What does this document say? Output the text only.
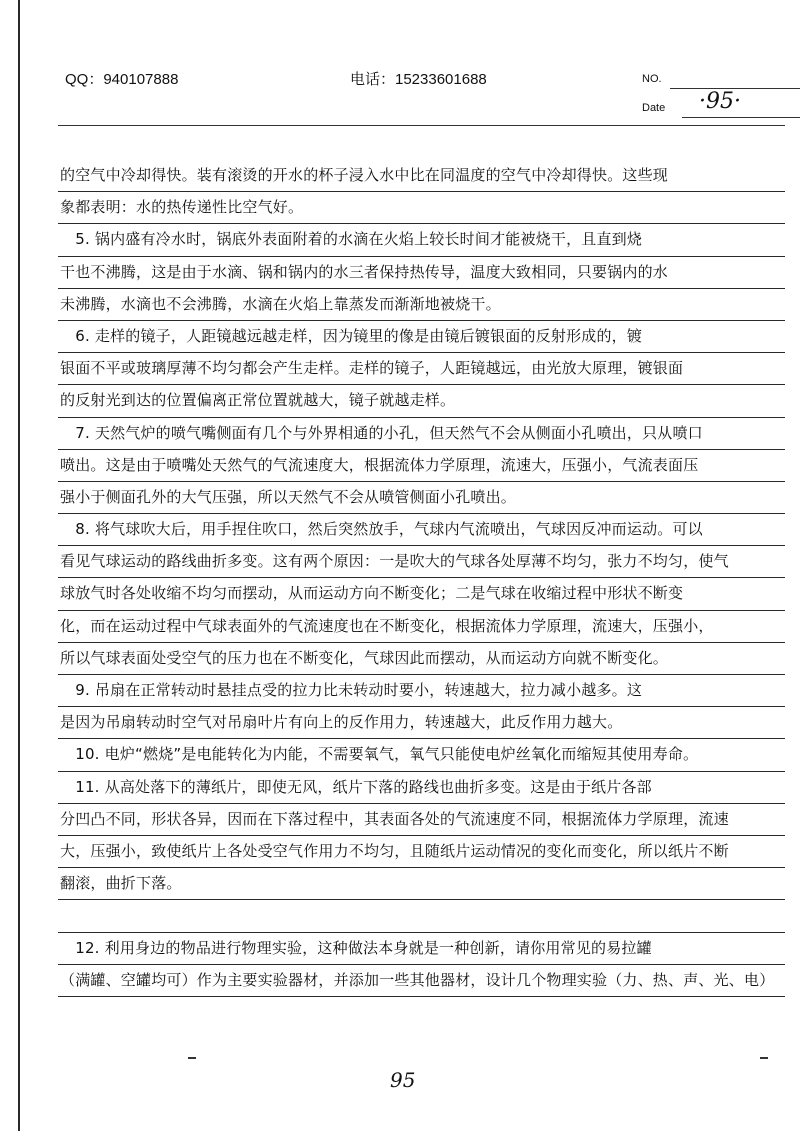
QQ：940107888	电话：15233601688	NO.
Date ·95·
的空气中冷却得快。装有滚烫的开水的杯子浸入水中比在同温度的空气中冷却得快。这些现
象都表明：水的热传递性比空气好。
　5. 锅内盛有冷水时，锅底外表面附着的水滴在火焰上较长时间才能被烧干，且直到烧
干也不沸腾，这是由于水滴、锅和锅内的水三者保持热传导，温度大致相同，只要锅内的水
未沸腾，水滴也不会沸腾，水滴在火焰上靠蒸发而渐渐地被烧干。
　6. 走样的镜子，人距镜越远越走样，因为镜里的像是由镜后镀银面的反射形成的，镀
银面不平或玻璃厚薄不均匀都会产生走样。走样的镜子，人距镜越远，由光放大原理，镀银面
的反射光到达的位置偏离正常位置就越大，镜子就越走样。
　7. 天然气炉的喷气嘴侧面有几个与外界相通的小孔，但天然气不会从侧面小孔喷出，只从喷口
喷出。这是由于喷嘴处天然气的气流速度大，根据流体力学原理，流速大，压强小，气流表面压
强小于侧面孔外的大气压强，所以天然气不会从喷管侧面小孔喷出。
　8. 将气球吹大后，用手捏住吹口，然后突然放手，气球内气流喷出，气球因反冲而运动。可以
看见气球运动的路线曲折多变。这有两个原因：一是吹大的气球各处厚薄不均匀，张力不均匀，使气
球放气时各处收缩不均匀而摆动，从而运动方向不断变化；二是气球在收缩过程中形状不断变
化，而在运动过程中气球表面外的气流速度也在不断变化，根据流体力学原理，流速大，压强小，
所以气球表面处受空气的压力也在不断变化，气球因此而摆动，从而运动方向就不断变化。
　9. 吊扇在正常转动时悬挂点受的拉力比未转动时要小，转速越大，拉力减小越多。这
是因为吊扇转动时空气对吊扇叶片有向上的反作用力，转速越大，此反作用力越大。
　10. 电炉“燃烧”是电能转化为内能，不需要氧气，氧气只能使电炉丝氧化而缩短其使用寿命。
　11. 从高处落下的薄纸片，即使无风，纸片下落的路线也曲折多变。这是由于纸片各部
分凹凸不同，形状各异，因而在下落过程中，其表面各处的气流速度不同，根据流体力学原理，流速
大，压强小，致使纸片上各处受空气作用力不均匀，且随纸片运动情况的变化而变化，所以纸片不断
翻滚，曲折下落。
　12. 利用身边的物品进行物理实验，这种做法本身就是一种创新，请你用常见的易拉罐
（满罐、空罐均可）作为主要实验器材，并添加一些其他器材，设计几个物理实验（力、热、声、光、电）
95
